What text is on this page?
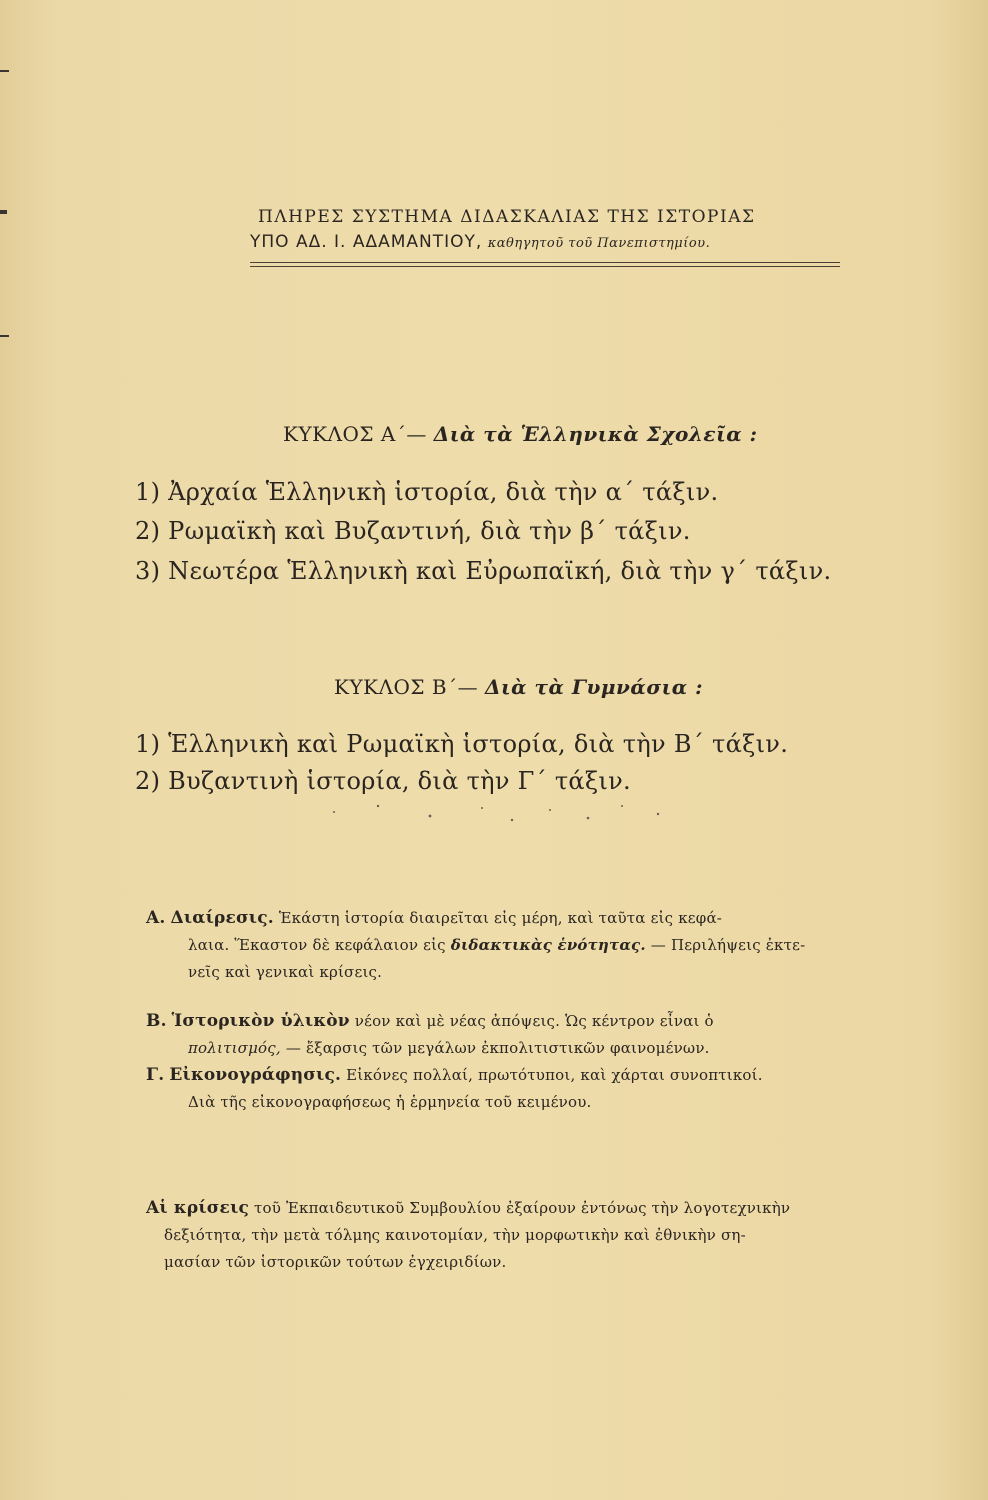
ΠΛΗΡΕΣ ΣΥΣΤΗΜΑ ΔΙΔΑΣΚΑΛΙΑΣ ΤΗΣ ΙΣΤΟΡΙΑΣ
ΥΠΟ ΑΔ. Ι. ΑΔΑΜΑΝΤΙΟΥ, καθηγητοῦ τοῦ Πανεπιστημίου.
ΚΥΚΛΟΣ Α΄— Διὰ τὰ Ἑλληνικὰ Σχολεῖα :
1) Ἀρχαία Ἑλληνικὴ ἱστορία, διὰ τὴν α΄ τάξιν.
2) Ρωμαϊκὴ καὶ Βυζαντινή, διὰ τὴν β΄ τάξιν.
3) Νεωτέρα Ἑλληνικὴ καὶ Εὐρωπαϊκή, διὰ τὴν γ΄ τάξιν.
ΚΥΚΛΟΣ Β΄— Διὰ τὰ Γυμνάσια :
1) Ἑλληνικὴ καὶ Ρωμαϊκὴ ἱστορία, διὰ τὴν Β΄ τάξιν.
2) Βυζαντινὴ ἱστορία, διὰ τὴν Γ΄ τάξιν.
Α. Διαίρεσις. Ἑκάστη ἱστορία διαιρεῖται εἰς μέρη, καὶ ταῦτα εἰς κεφά-
λαια. Ἕκαστον δὲ κεφάλαιον εἰς διδακτικὰς ἑνότητας. — Περιλήψεις ἐκτε-
νεῖς καὶ γενικαὶ κρίσεις.
Β. Ἱστορικὸν ὑλικὸν νέον καὶ μὲ νέας ἀπόψεις. Ὡς κέντρον εἶναι ὁ
πολιτισμός, — ἔξαρσις τῶν μεγάλων ἐκπολιτιστικῶν φαινομένων.
Γ. Εἰκονογράφησις. Εἰκόνες πολλαί, πρωτότυποι, καὶ χάρται συνοπτικοί.
Διὰ τῆς εἰκονογραφήσεως ἡ ἑρμηνεία τοῦ κειμένου.
Αἱ κρίσεις τοῦ Ἐκπαιδευτικοῦ Συμβουλίου ἐξαίρουν ἐντόνως τὴν λογοτεχνικὴν
δεξιότητα, τὴν μετὰ τόλμης καινοτομίαν, τὴν μορφωτικὴν καὶ ἐθνικὴν ση-
μασίαν τῶν ἱστορικῶν τούτων ἐγχειριδίων.
